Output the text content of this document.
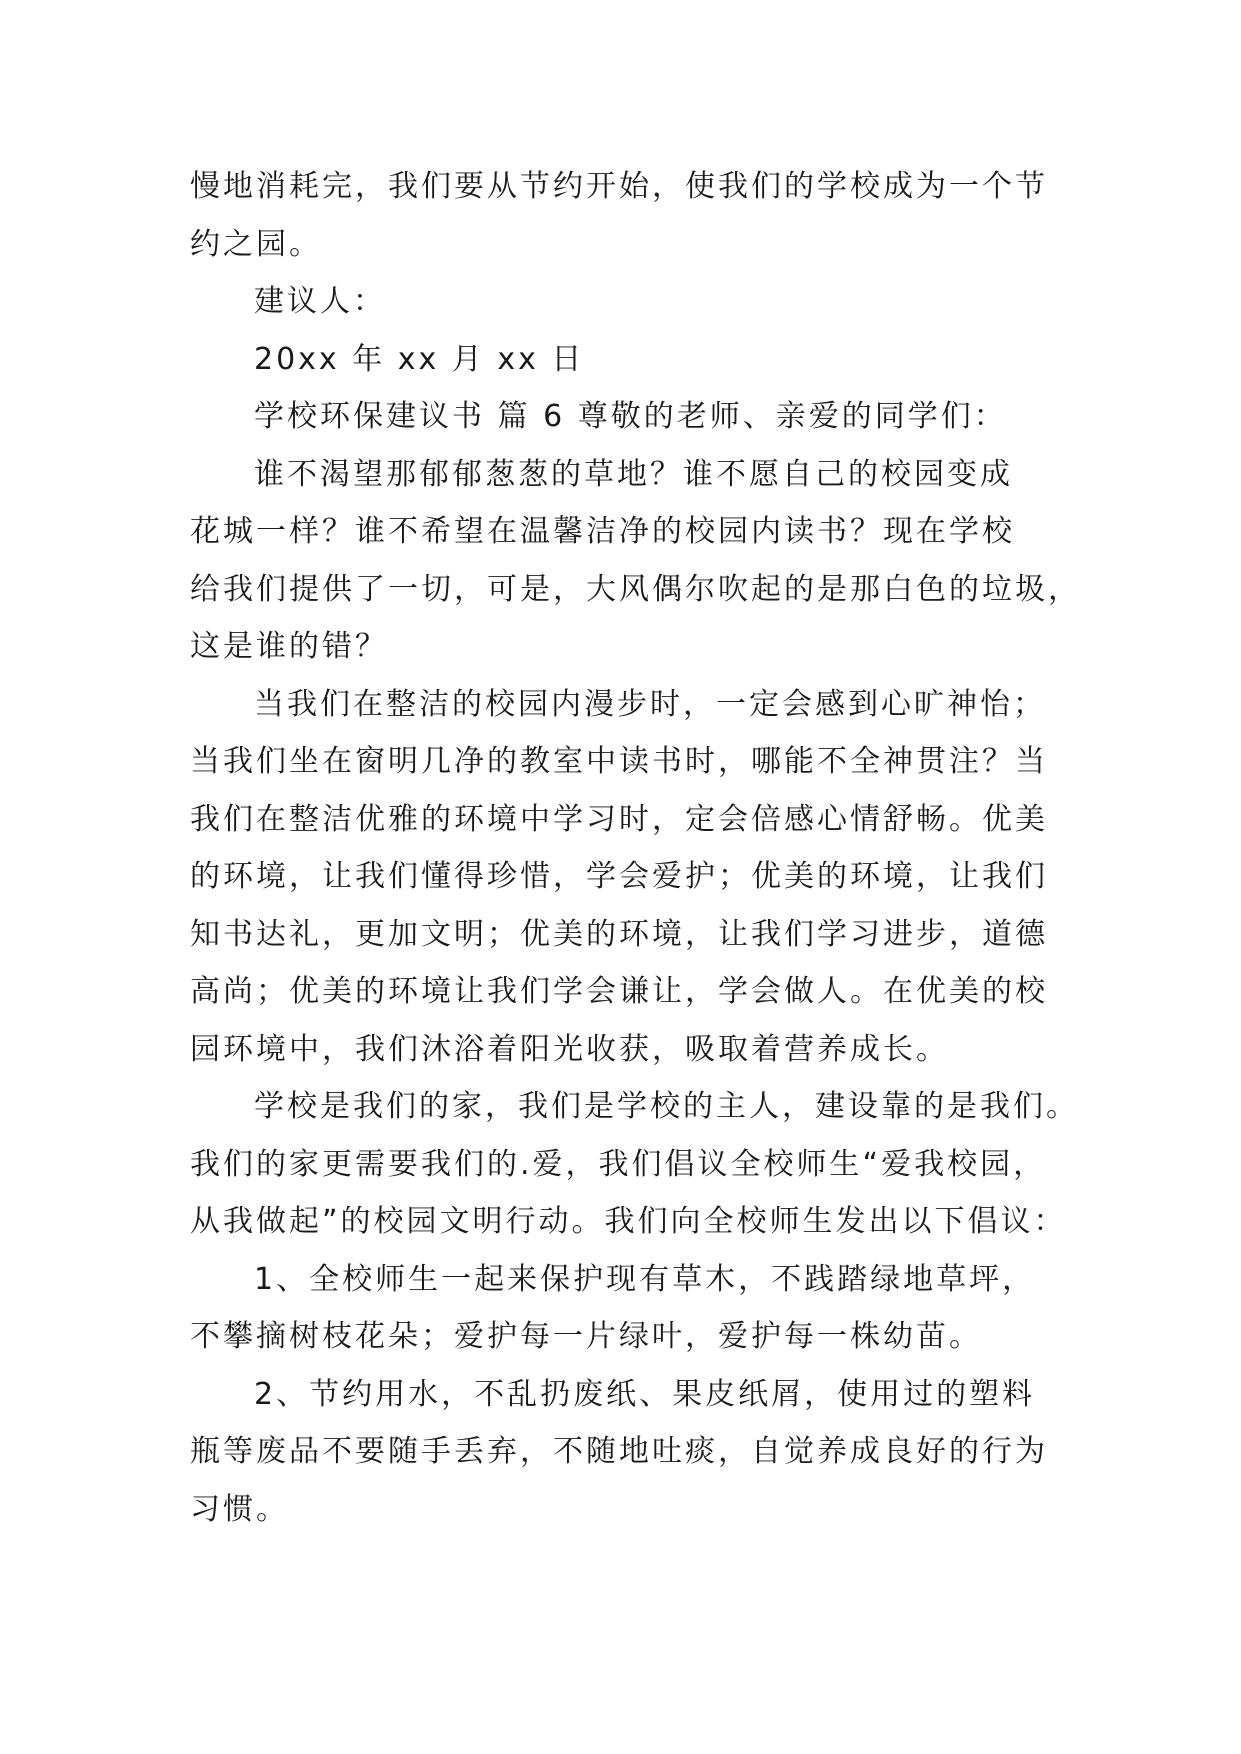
慢地消耗完，我们要从节约开始，使我们的学校成为一个节
约之园。
建议人：
20xx 年 xx 月 xx 日
学校环保建议书 篇 6 尊敬的老师、亲爱的同学们：
谁不渴望那郁郁葱葱的草地？谁不愿自己的校园变成
花城一样？谁不希望在温馨洁净的校园内读书？现在学校
给我们提供了一切，可是，大风偶尔吹起的是那白色的垃圾，
这是谁的错？
当我们在整洁的校园内漫步时，一定会感到心旷神怡；
当我们坐在窗明几净的教室中读书时，哪能不全神贯注？当
我们在整洁优雅的环境中学习时，定会倍感心情舒畅。优美
的环境，让我们懂得珍惜，学会爱护；优美的环境，让我们
知书达礼，更加文明；优美的环境，让我们学习进步，道德
高尚；优美的环境让我们学会谦让，学会做人。在优美的校
园环境中，我们沐浴着阳光收获，吸取着营养成长。
学校是我们的家，我们是学校的主人，建设靠的是我们。
我们的家更需要我们的.爱，我们倡议全校师生“爱我校园，
从我做起”的校园文明行动。我们向全校师生发出以下倡议：
1、全校师生一起来保护现有草木，不践踏绿地草坪，
不攀摘树枝花朵；爱护每一片绿叶，爱护每一株幼苗。
2、节约用水，不乱扔废纸、果皮纸屑，使用过的塑料
瓶等废品不要随手丢弃，不随地吐痰，自觉养成良好的行为
习惯。
